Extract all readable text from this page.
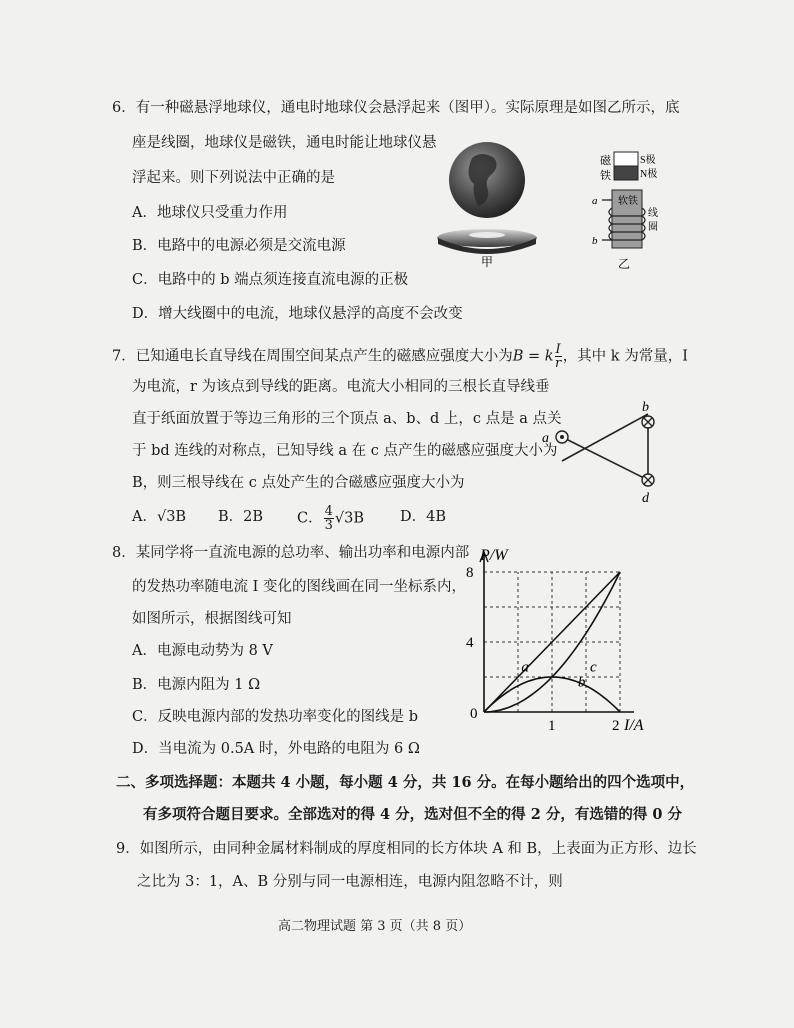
6．有一种磁悬浮地球仪，通电时地球仪会悬浮起来（图甲）。实际原理是如图乙所示，底
座是线圈，地球仪是磁铁，通电时能让地球仪悬
浮起来。则下列说法中正确的是
A．地球仪只受重力作用
B．电路中的电源必须是交流电源
C．电路中的 b 端点须连接直流电源的正极
D．增大线圈中的电流，地球仪悬浮的高度不会改变
甲
磁
铁
S极
N极
软铁
a
b
线
圈
乙
7．已知通电长直导线在周围空间某点产生的磁感应强度大小为B = k $\frac{I}{r}$ ，其中 k 为常量，I
为电流，r 为该点到导线的距离。电流大小相同的三根长直导线垂
直于纸面放置于等边三角形的三个顶点 a、b、d 上，c 点是 a 点关
于 bd 连线的对称点，已知导线 a 在 c 点产生的磁感应强度大小为
B，则三根导线在 c 点处产生的合磁感应强度大小为
A．√3B B．2B C． $\frac{4}{3} √3B$ D．4B
b
a
d
8．某同学将一直流电源的总功率、输出功率和电源内部
的发热功率随电流 I 变化的图线画在同一坐标系内，
如图所示，根据图线可知
A．电源电动势为 8 V
B．电源内阻为 1 Ω
C．反映电源内部的发热功率变化的图线是 b
D．当电流为 0.5A 时，外电路的电阻为 6 Ω
P/W
I/A
0
1	2
4
8
a	c
b
二、多项选择题：本题共 4 小题，每小题 4 分，共 16 分。在每小题给出的四个选项中，
有多项符合题目要求。全部选对的得 4 分，选对但不全的得 2 分，有选错的得 0 分
9．如图所示，由同种金属材料制成的厚度相同的长方体块 A 和 B，上表面为正方形、边长
之比为 3：1，A、B 分别与同一电源相连，电源内阻忽略不计，则
高二物理试题 第 3 页（共 8 页）
